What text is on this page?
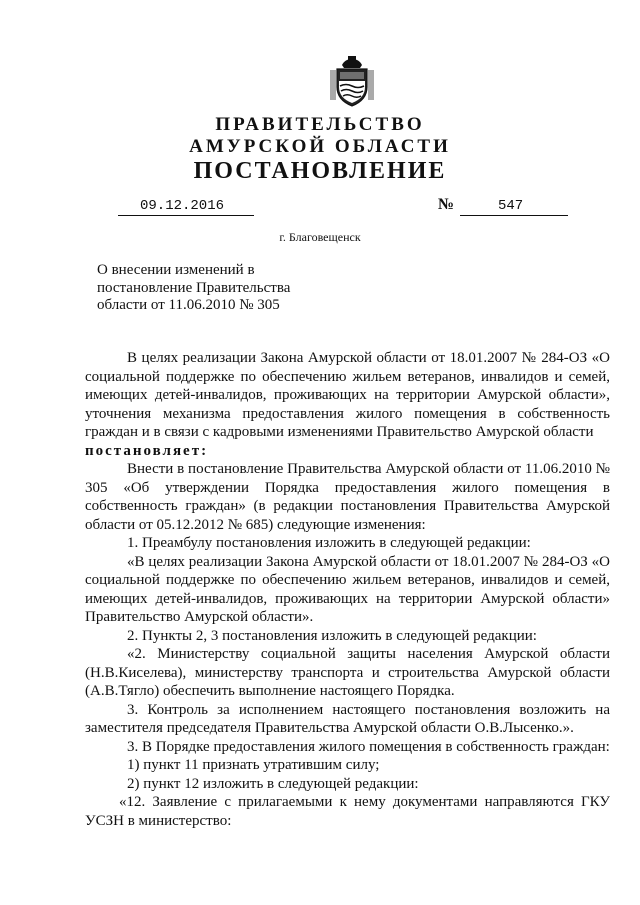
ПРАВИТЕЛЬСТВО
АМУРСКОЙ ОБЛАСТИ
ПОСТАНОВЛЕНИЕ
09.12.2016	№	547
г. Благовещенск
О внесении изменений в
постановление Правительства
области от 11.06.2010 № 305

В целях реализации Закона Амурской области от 18.01.2007 № 284-ОЗ «О социальной поддержке по обеспечению жильем ветеранов, инвалидов и семей, имеющих детей-инвалидов, проживающих на территории Амурской области», уточнения механизма предоставления жилого помещения в собственность граждан и в связи с кадровыми изменениями Правительство Амурской области

постановляет:

Внести в постановление Правительства Амурской области от 11.06.2010 № 305 «Об утверждении Порядка предоставления жилого помещения в собственность граждан» (в редакции постановления Правительства Амурской области от 05.12.2012 № 685) следующие изменения:

1. Преамбулу постановления изложить в следующей редакции:

«В целях реализации Закона Амурской области от 18.01.2007 № 284-ОЗ «О социальной поддержке по обеспечению жильем ветеранов, инвалидов и семей, имеющих детей-инвалидов, проживающих на территории Амурской области» Правительство Амурской области».

2. Пункты 2, 3 постановления изложить в следующей редакции:

«2. Министерству социальной защиты населения Амурской области (Н.В.Киселева), министерству транспорта и строительства Амурской области (А.В.Тягло) обеспечить выполнение настоящего Порядка.

3. Контроль за исполнением настоящего постановления возложить на заместителя председателя Правительства Амурской области О.В.Лысенко.».

3. В Порядке предоставления жилого помещения в собственность граждан:

1) пункт 11 признать утратившим силу;

2) пункт 12 изложить в следующей редакции:

«12. Заявление с прилагаемыми к нему документами направляются ГКУ УСЗН в министерство:
